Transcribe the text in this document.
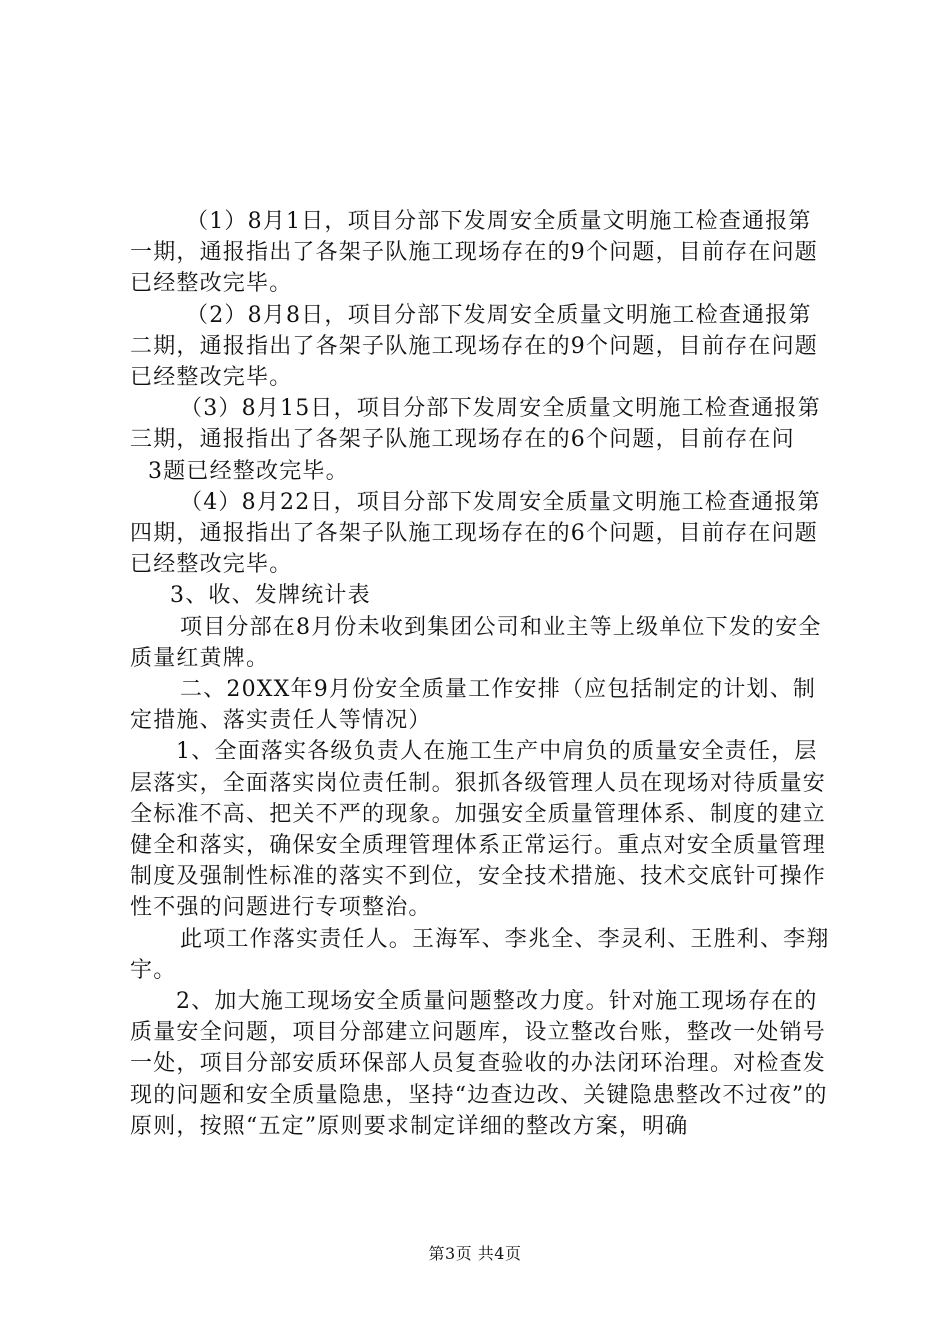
（1）8月1日，项目分部下发周安全质量文明施工检查通报第一期，通报指出了各架子队施工现场存在的9个问题，目前存在问题已经整改完毕。

（2）8月8日，项目分部下发周安全质量文明施工检查通报第二期，通报指出了各架子队施工现场存在的9个问题，目前存在问题已经整改完毕。

（3）8月15日，项目分部下发周安全质量文明施工检查通报第三期，通报指出了各架子队施工现场存在的6个问题，目前存在问

3题已经整改完毕。

（4）8月22日，项目分部下发周安全质量文明施工检查通报第四期，通报指出了各架子队施工现场存在的6个问题，目前存在问题已经整改完毕。

3、收、发牌统计表

项目分部在8月份未收到集团公司和业主等上级单位下发的安全质量红黄牌。

二、20XX年9月份安全质量工作安排（应包括制定的计划、制定措施、落实责任人等情况）

1、全面落实各级负责人在施工生产中肩负的质量安全责任，层层落实，全面落实岗位责任制。狠抓各级管理人员在现场对待质量安全标准不高、把关不严的现象。加强安全质量管理体系、制度的建立健全和落实，确保安全质理管理体系正常运行。重点对安全质量管理制度及强制性标准的落实不到位，安全技术措施、技术交底针可操作性不强的问题进行专项整治。

此项工作落实责任人。王海军、李兆全、李灵利、王胜利、李翔宇。

2、加大施工现场安全质量问题整改力度。针对施工现场存在的质量安全问题，项目分部建立问题库，设立整改台账，整改一处销号一处，项目分部安质环保部人员复查验收的办法闭环治理。对检查发现的问题和安全质量隐患，坚持“边查边改、关键隐患整改不过夜”的原则，按照“五定”原则要求制定详细的整改方案，明确

第3页 共4页
